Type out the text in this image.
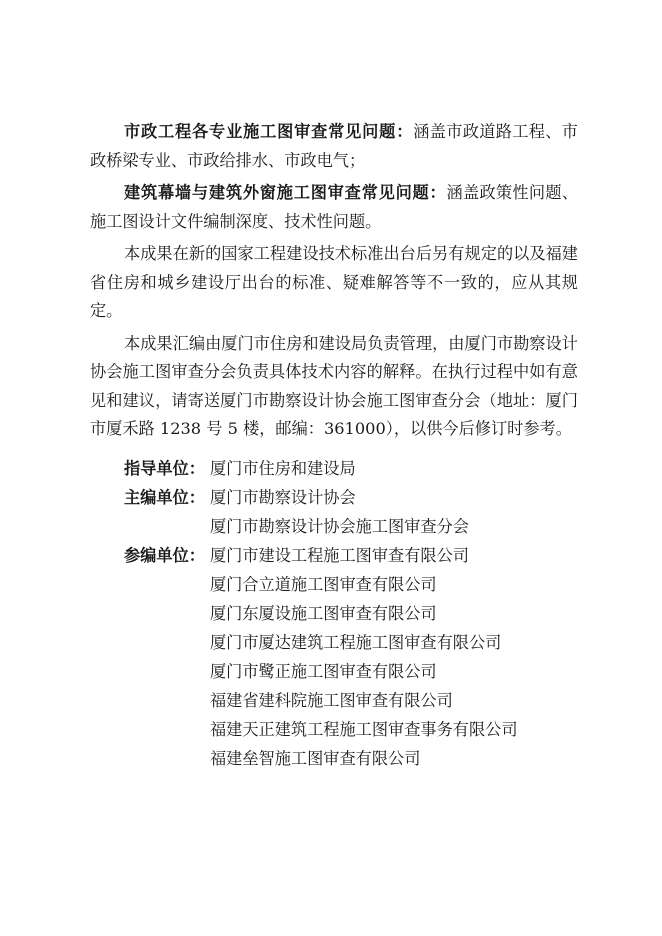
市政工程各专业施工图审查常见问题：涵盖市政道路工程、市政桥梁专业、市政给排水、市政电气；

建筑幕墙与建筑外窗施工图审查常见问题：涵盖政策性问题、施工图设计文件编制深度、技术性问题。

本成果在新的国家工程建设技术标准出台后另有规定的以及福建省住房和城乡建设厅出台的标准、疑难解答等不一致的，应从其规定。

本成果汇编由厦门市住房和建设局负责管理，由厦门市勘察设计协会施工图审查分会负责具体技术内容的解释。在执行过程中如有意见和建议，请寄送厦门市勘察设计协会施工图审查分会（地址：厦门市厦禾路 1238 号 5 楼，邮编：361000），以供今后修订时参考。

指导单位： 厦门市住房和建设局
主编单位： 厦门市勘察设计协会
厦门市勘察设计协会施工图审查分会
参编单位： 厦门市建设工程施工图审查有限公司
厦门合立道施工图审查有限公司
厦门东厦设施工图审查有限公司
厦门市厦达建筑工程施工图审查有限公司
厦门市鹭正施工图审查有限公司
福建省建科院施工图审查有限公司
福建天正建筑工程施工图审查事务有限公司
福建垒智施工图审查有限公司
